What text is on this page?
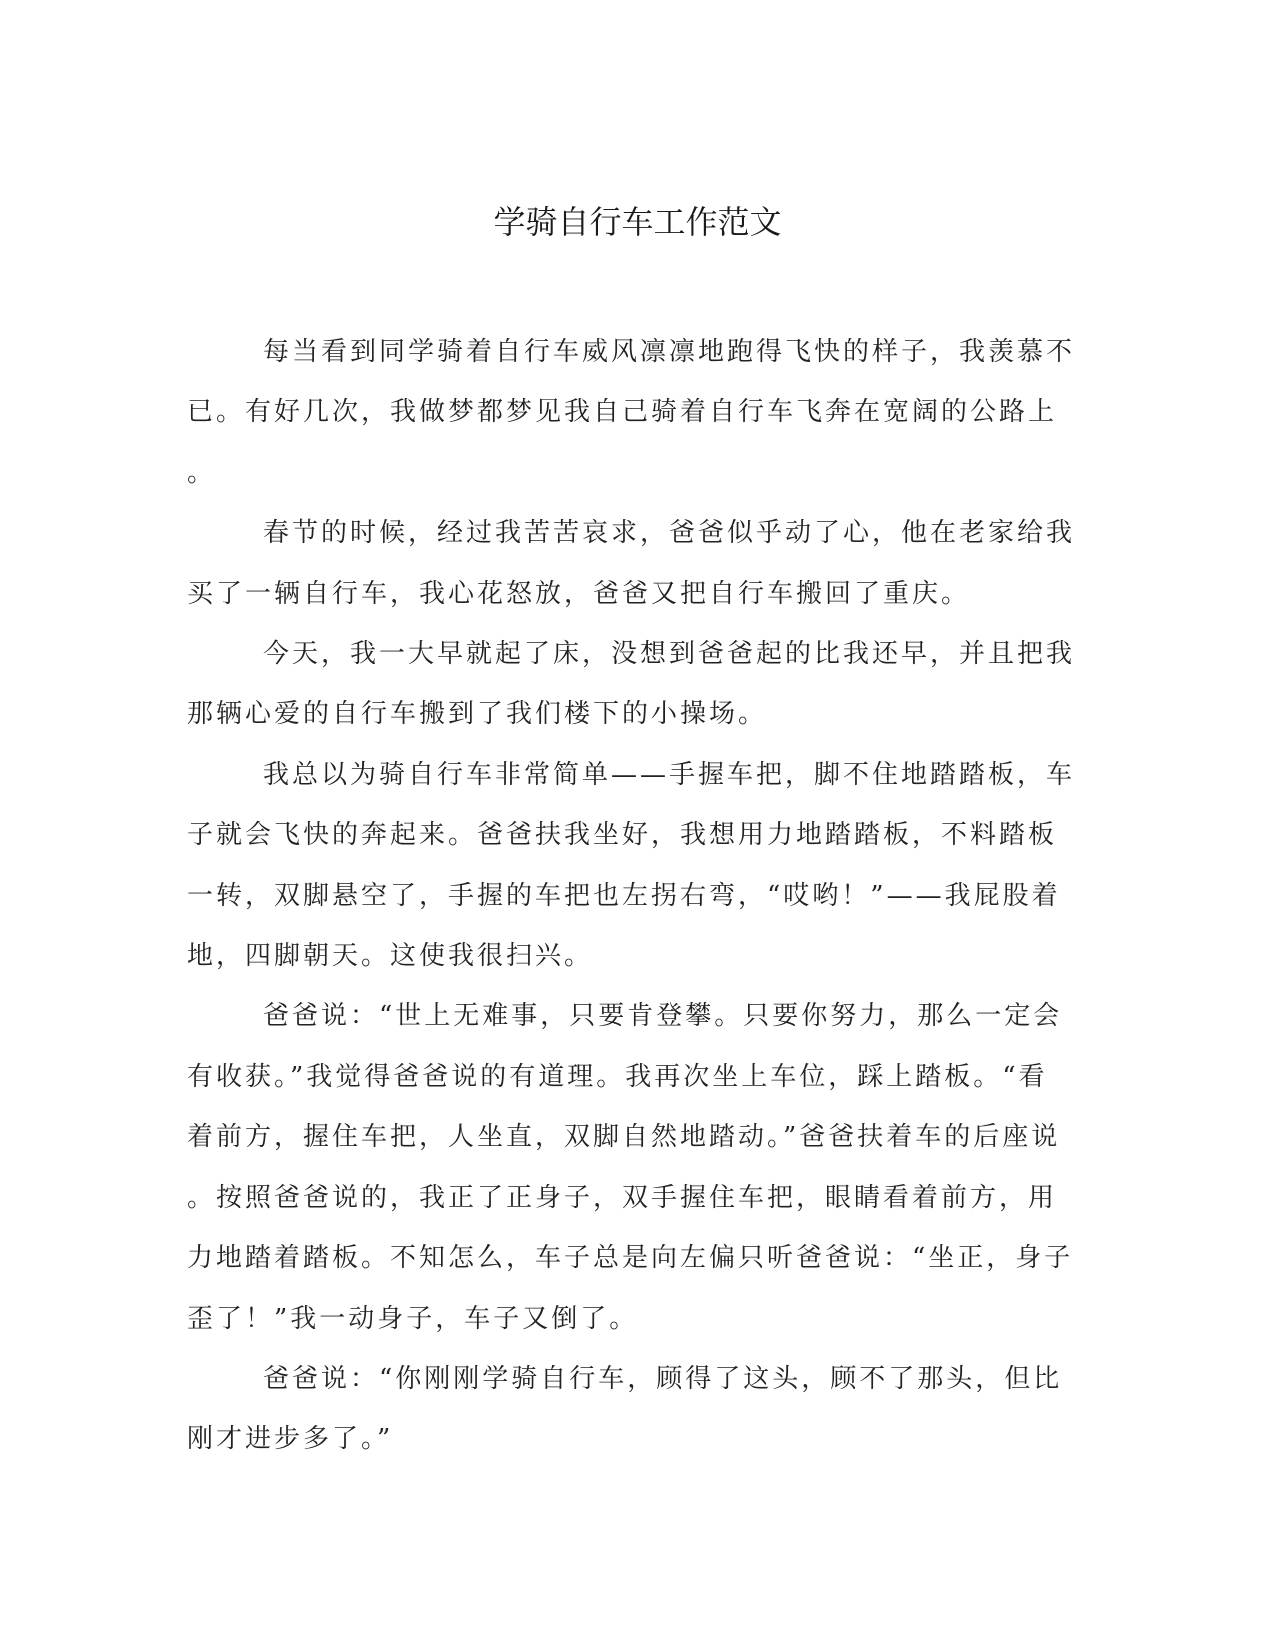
学骑自行车工作范文

每当看到同学骑着自行车威风凛凛地跑得飞快的样子，我羡慕不
已。有好几次，我做梦都梦见我自己骑着自行车飞奔在宽阔的公路上
。

春节的时候，经过我苦苦哀求，爸爸似乎动了心，他在老家给我
买了一辆自行车，我心花怒放，爸爸又把自行车搬回了重庆。

今天，我一大早就起了床，没想到爸爸起的比我还早，并且把我
那辆心爱的自行车搬到了我们楼下的小操场。

我总以为骑自行车非常简单——手握车把，脚不住地踏踏板，车
子就会飞快的奔起来。爸爸扶我坐好，我想用力地踏踏板，不料踏板
一转，双脚悬空了，手握的车把也左拐右弯，“哎哟！”——我屁股着
地，四脚朝天。这使我很扫兴。

爸爸说：“世上无难事，只要肯登攀。只要你努力，那么一定会
有收获。”我觉得爸爸说的有道理。我再次坐上车位，踩上踏板。“看
着前方，握住车把，人坐直，双脚自然地踏动。”爸爸扶着车的后座说
。按照爸爸说的，我正了正身子，双手握住车把，眼睛看着前方，用
力地踏着踏板。不知怎么，车子总是向左偏只听爸爸说：“坐正，身子
歪了！”我一动身子，车子又倒了。

爸爸说：“你刚刚学骑自行车，顾得了这头，顾不了那头，但比
刚才进步多了。”
